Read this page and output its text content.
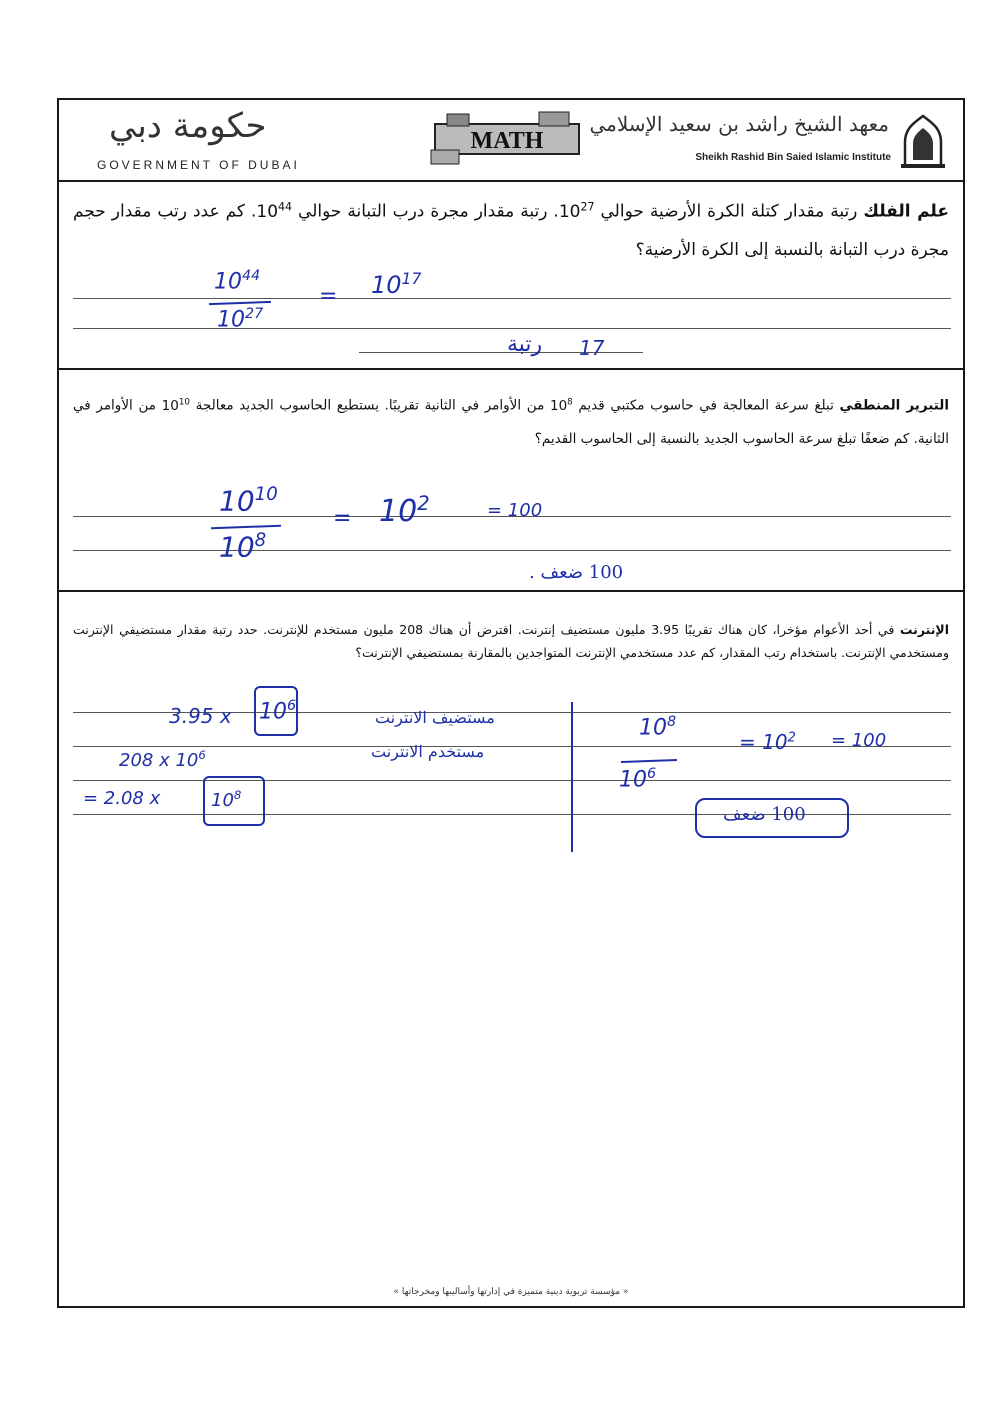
حكومة دبي
GOVERNMENT OF DUBAI
MATH
معهد الشيخ راشد بن سعيد الإسلامي
Sheikh Rashid Bin Saied Islamic Institute
علم الفلك رتبة مقدار كتلة الكرة الأرضية حوالي $10^{27}$. رتبة مقدار مجرة درب التبانة حوالي $10^{44}$. كم عدد رتب مقدار حجم مجرة درب التبانة بالنسبة إلى الكرة الأرضية؟
$10^{44}$
$10^{27}$
= $10^{17}$
17
رتبة
التبرير المنطقي تبلغ سرعة المعالجة في حاسوب مكتبي قديم $10^8$ من الأوامر في الثانية تقريبًا. يستطيع الحاسوب الجديد معالجة $10^{10}$ من الأوامر في الثانية. كم ضعفًا تبلغ سرعة الحاسوب الجديد بالنسبة إلى الحاسوب القديم؟
$10^{10}$
$10^8$
= $10^2$	= 100
100 ضعف .
الإنترنت في أحد الأعوام مؤخرا، كان هناك تقريبًا 3.95 مليون مستضيف إنترنت. افترض أن هناك 208 مليون مستخدم للإنترنت. حدد رتبة مقدار مستضيفي الإنترنت ومستخدمي الإنترنت. باستخدام رتب المقدار، كم عدد مستخدمي الإنترنت المتواجدين بالمقارنة بمستضيفي الإنترنت؟
3.95 x $10^6$
208 x $10^6$
= 2.08 x	$10^8$
مستضيف الانترنت
مستخدم الانترنت
$10^8$
$10^6$
= $10^2 = 100$
100 ضعف
« مؤسسة تربوية دينية متميزة في إدارتها وأساليبها ومخرجاتها »
